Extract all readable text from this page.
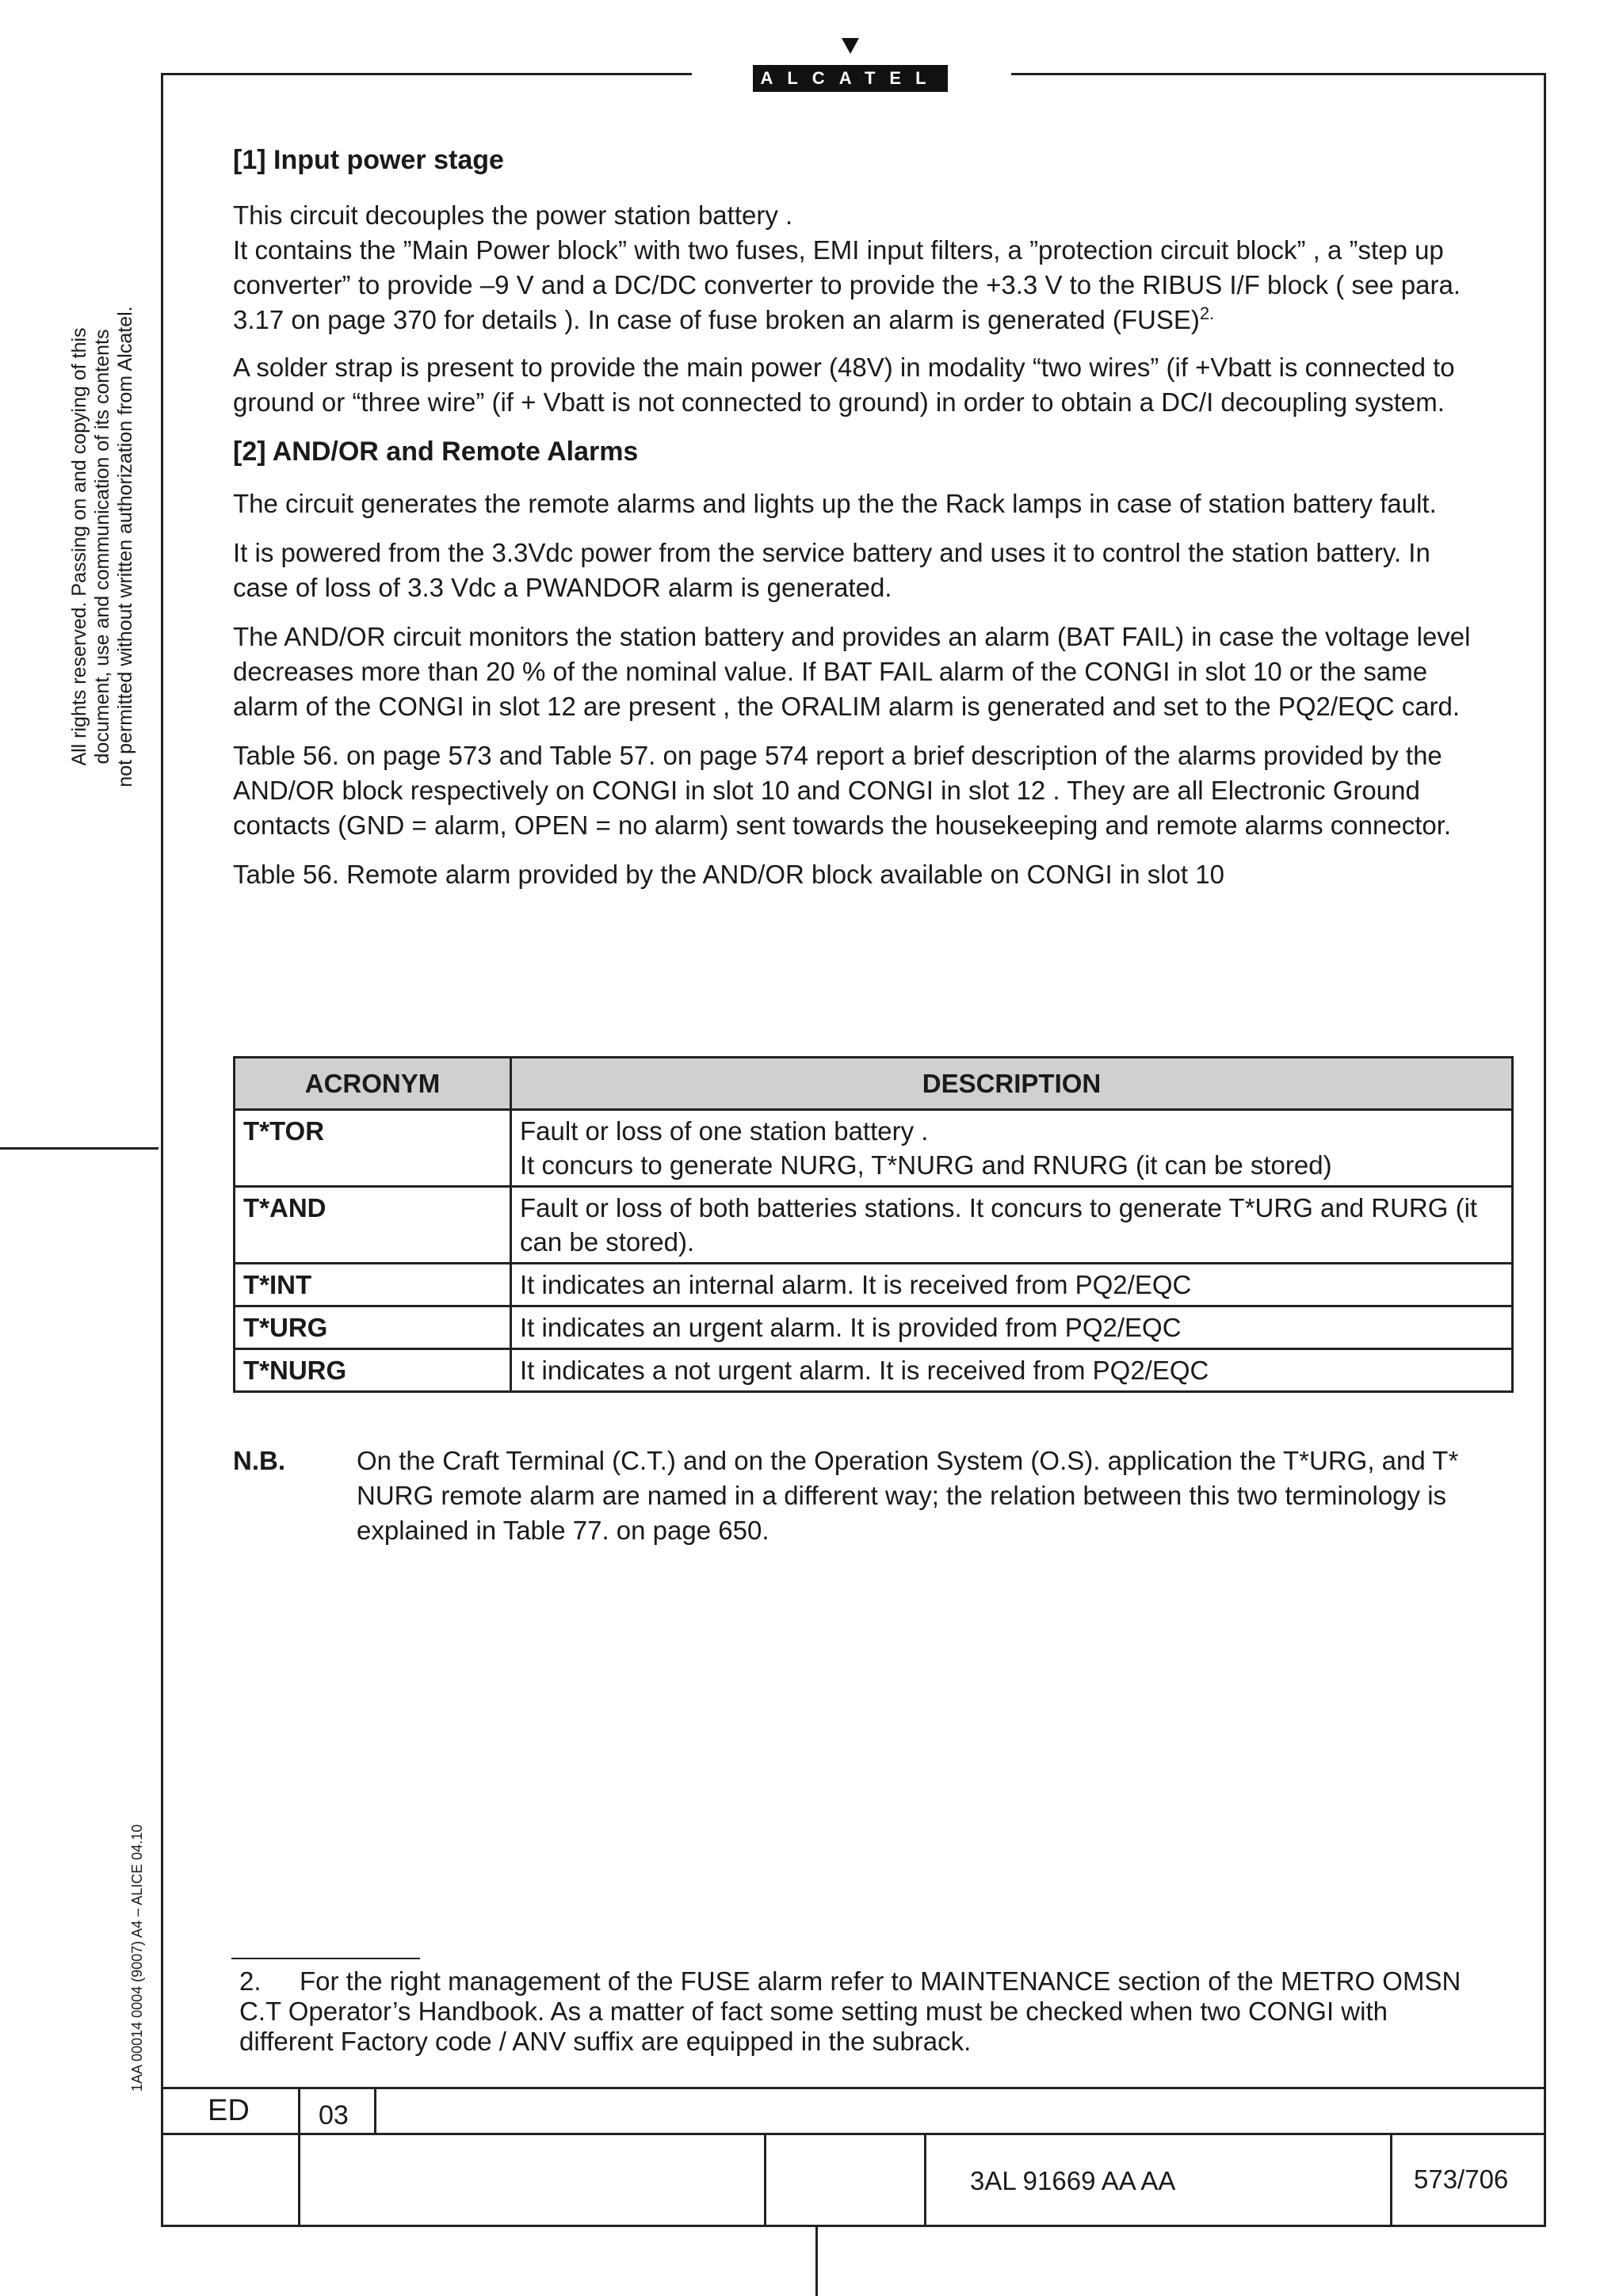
ALCATEL
All rights reserved. Passing on and copying of this document, use and communication of its contents not permitted without written authorization from Alcatel.
1AA 00014 0004 (9007) A4 – ALICE 04.10

[1] Input power stage

This circuit decouples the power station battery .

It contains the ”Main Power block” with two fuses, EMI input filters, a ”protection circuit block” , a ”step up converter” to provide –9 V and a DC/DC converter to provide the +3.3 V to the RIBUS I/F block ( see para. 3.17 on page 370 for details ). In case of fuse broken an alarm is generated (FUSE)$^{2.}$

A solder strap is present to provide the main power (48V) in modality “two wires” (if +Vbatt is connected to ground or “three wire” (if + Vbatt is not connected to ground) in order to obtain a DC/I decoupling system.

[2] AND/OR and Remote Alarms

The circuit generates the remote alarms and lights up the the Rack lamps in case of station battery fault.

It is powered from the 3.3Vdc power from the service battery and uses it to control the station battery. In case of loss of 3.3 Vdc a PWANDOR alarm is generated.

The AND/OR circuit monitors the station battery and provides an alarm (BAT FAIL) in case the voltage level decreases more than 20 % of the nominal value. If BAT FAIL alarm of the CONGI in slot 10 or the same alarm of the CONGI in slot 12 are present , the ORALIM alarm is generated and set to the PQ2/EQC card.

Table 56. on page 573 and Table 57. on page 574 report a brief description of the alarms provided by the AND/OR block respectively on CONGI in slot 10 and CONGI in slot 12 . They are all Electronic Ground contacts (GND = alarm, OPEN = no alarm) sent towards the housekeeping and remote alarms connector.

Table 56. Remote alarm provided by the AND/OR block available on CONGI in slot 10

ACRONYM	DESCRIPTION
T*TOR	Fault or loss of one station battery .
It concurs to generate NURG, T*NURG and RNURG (it can be stored)

T*AND	Fault or loss of both batteries stations. It concurs to generate T*URG and RURG (it can be stored).
T*INT	It indicates an internal alarm. It is received from PQ2/EQC
T*URG	It indicates an urgent alarm. It is provided from PQ2/EQC
T*NURG	It indicates a not urgent alarm. It is received from PQ2/EQC
N.B.	On the Craft Terminal (C.T.) and on the Operation System (O.S). application the T*URG, and T* NURG remote alarm are named in a different way; the relation between this two terminology is explained in Table 77. on page 650.
2. For the right management of the FUSE alarm refer to MAINTENANCE section of the METRO OMSN C.T Operator’s Handbook. As a matter of fact some setting must be checked when two CONGI with different Factory code / ANV suffix are equipped in the subrack.
ED	03
3AL 91669 AA AA	573/706
